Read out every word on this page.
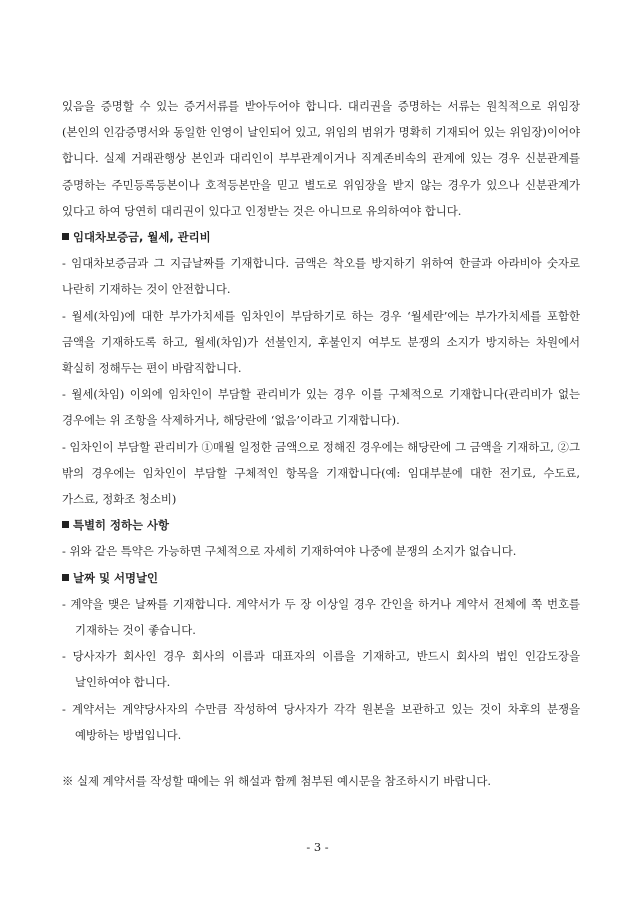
있음을 증명할 수 있는 증거서류를 받아두어야 합니다. 대리권을 증명하는 서류는 원칙적으로 위임장(본인의 인감증명서와 동일한 인영이 날인되어 있고, 위임의 범위가 명확히 기재되어 있는 위임장)이어야 합니다. 실제 거래관행상 본인과 대리인이 부부관계이거나 직계존비속의 관계에 있는 경우 신분관계를 증명하는 주민등록등본이나 호적등본만을 믿고 별도로 위임장을 받지 않는 경우가 있으나 신분관계가 있다고 하여 당연히 대리권이 있다고 인정받는 것은 아니므로 유의하여야 합니다.
임대차보증금, 월세, 관리비
- 임대차보증금과 그 지급날짜를 기재합니다. 금액은 착오를 방지하기 위하여 한글과 아라비아 숫자로 나란히 기재하는 것이 안전합니다.
- 월세(차임)에 대한 부가가치세를 임차인이 부담하기로 하는 경우 ‘월세란’에는 부가가치세를 포함한 금액을 기재하도록 하고, 월세(차임)가 선불인지, 후불인지 여부도 분쟁의 소지가 방지하는 차원에서 확실히 정해두는 편이 바람직합니다.
- 월세(차임) 이외에 임차인이 부담할 관리비가 있는 경우 이를 구체적으로 기재합니다(관리비가 없는 경우에는 위 조항을 삭제하거나, 해당란에 ‘없음’이라고 기재합니다).
- 임차인이 부담할 관리비가 ①매월 일정한 금액으로 정해진 경우에는 해당란에 그 금액을 기재하고, ②그 밖의 경우에는 임차인이 부담할 구체적인 항목을 기재합니다(예: 임대부분에 대한 전기료, 수도료, 가스료, 정화조 청소비)
특별히 정하는 사항
- 위와 같은 특약은 가능하면 구체적으로 자세히 기재하여야 나중에 분쟁의 소지가 없습니다.
날짜 및 서명날인
- 계약을 맺은 날짜를 기재합니다. 계약서가 두 장 이상일 경우 간인을 하거나 계약서 전체에 쪽 번호를 기재하는 것이 좋습니다.
- 당사자가 회사인 경우 회사의 이름과 대표자의 이름을 기재하고, 반드시 회사의 법인 인감도장을 날인하여야 합니다.
- 계약서는 계약당사자의 수만큼 작성하여 당사자가 각각 원본을 보관하고 있는 것이 차후의 분쟁을 예방하는 방법입니다.
※ 실제 계약서를 작성할 때에는 위 해설과 함께 첨부된 예시문을 참조하시기 바랍니다.
- 3 -
